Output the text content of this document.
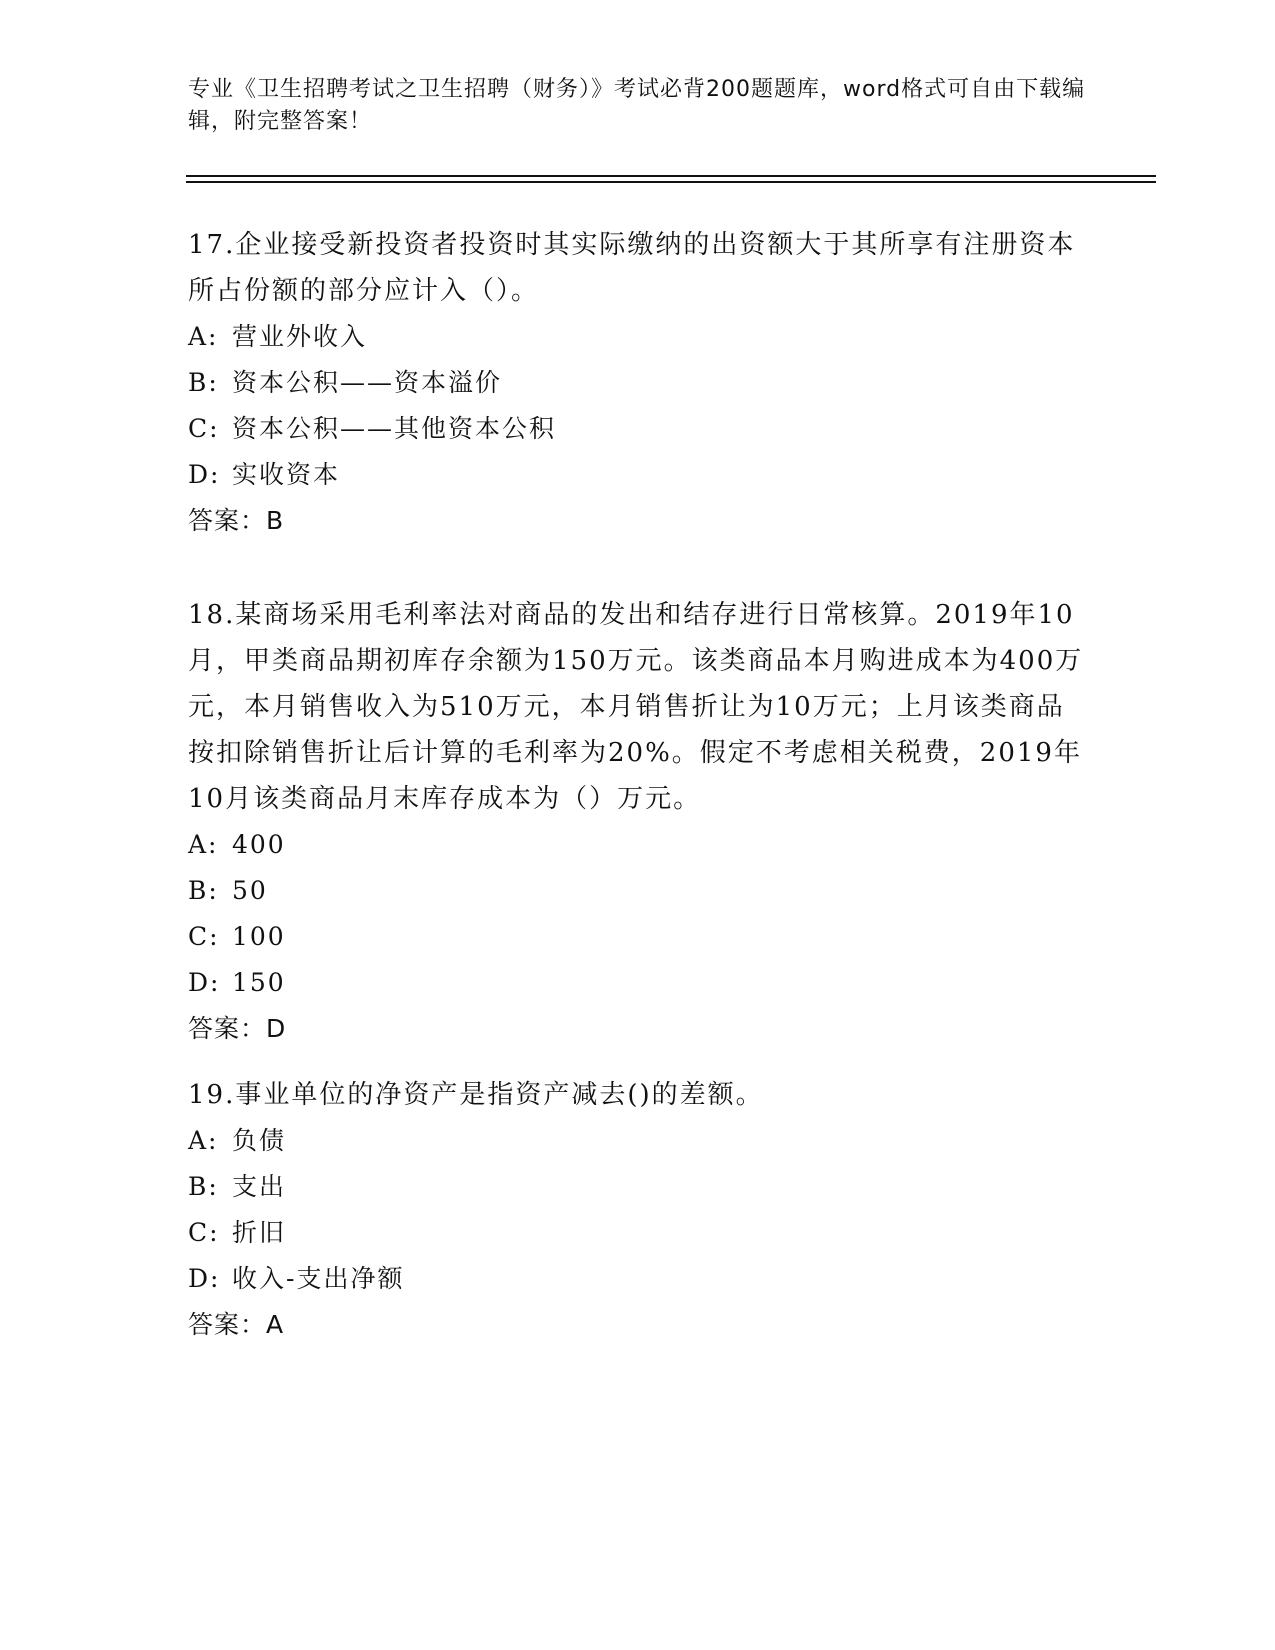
专业《卫生招聘考试之卫生招聘（财务）》考试必背200题题库，word格式可自由下载编辑，附完整答案！

17.企业接受新投资者投资时其实际缴纳的出资额大于其所享有注册资本所占份额的部分应计入（）。

A: 营业外收入
B: 资本公积——资本溢价
C: 资本公积——其他资本公积
D: 实收资本

答案：B

18.某商场采用毛利率法对商品的发出和结存进行日常核算。2019年10月，甲类商品期初库存余额为150万元。该类商品本月购进成本为400万元，本月销售收入为510万元，本月销售折让为10万元；上月该类商品按扣除销售折让后计算的毛利率为20%。假定不考虑相关税费，2019年10月该类商品月末库存成本为（）万元。

A: 400
B: 50
C: 100
D: 150

答案：D

19.事业单位的净资产是指资产减去()的差额。

A: 负债
B: 支出
C: 折旧
D: 收入-支出净额

答案：A
